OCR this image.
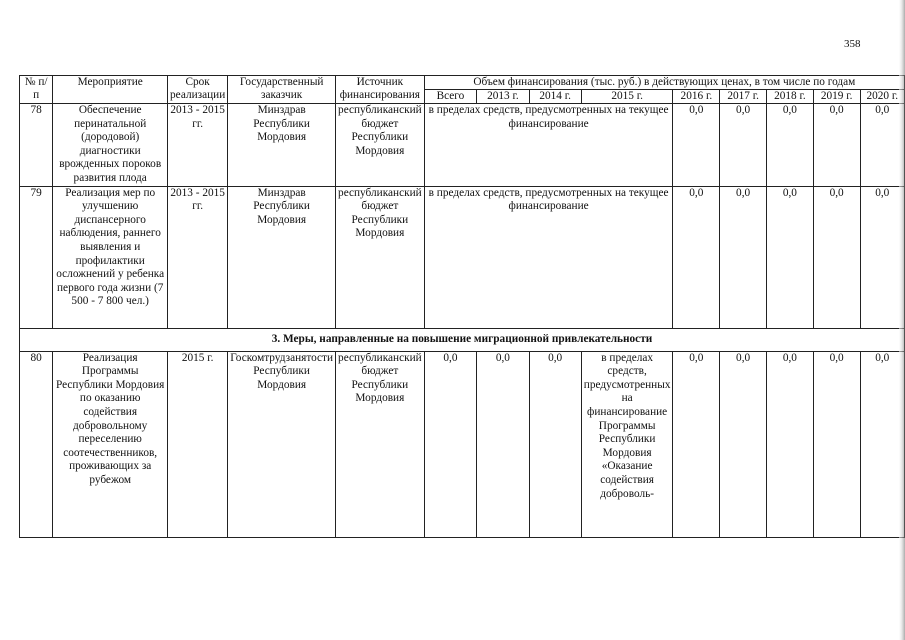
358
№ п/п	Мероприятие	Срок реализации	Государственный заказчик	Источник финансирования	Объем финансирования (тыс. руб.) в действующих ценах, в том числе по годам								
					Всего	2013 г.	2014 г.	2015 г.	2016 г.	2017 г.	2018 г.	2019 г.	2020 г.
78	Обеспечение перинатальной (дородовой) диагностики врожденных пороков развития плода	2013 - 2015 гг.	Минздрав Республики Мордовия	республиканский бюджет Республики Мордовия	в пределах средств, предусмотренных на текущее финансирование				0,0	0,0	0,0	0,0	0,0
79	Реализация мер по улучшению диспансерного наблюдения, раннего выявления и профилактики осложнений у ребенка первого года жизни (7 500 - 7 800 чел.)	2013 - 2015 гг.	Минздрав Республики Мордовия	республиканский бюджет Республики Мордовия	в пределах средств, предусмотренных на текущее финансирование				0,0	0,0	0,0	0,0	0,0
3. Меры, направленные на повышение миграционной привлекательности													
80	Реализация Программы Республики Мордовия по оказанию содействия добровольному переселению соотечественников, проживающих за рубежом	2015 г.	Госкомтрудзанятости Республики Мордовия	республиканский бюджет Республики Мордовия	0,0	0,0	0,0	в пределах средств, предусмотренных на финансирование Программы Республики Мордовия «Оказание содействия доброволь-	0,0	0,0	0,0	0,0	0,0
